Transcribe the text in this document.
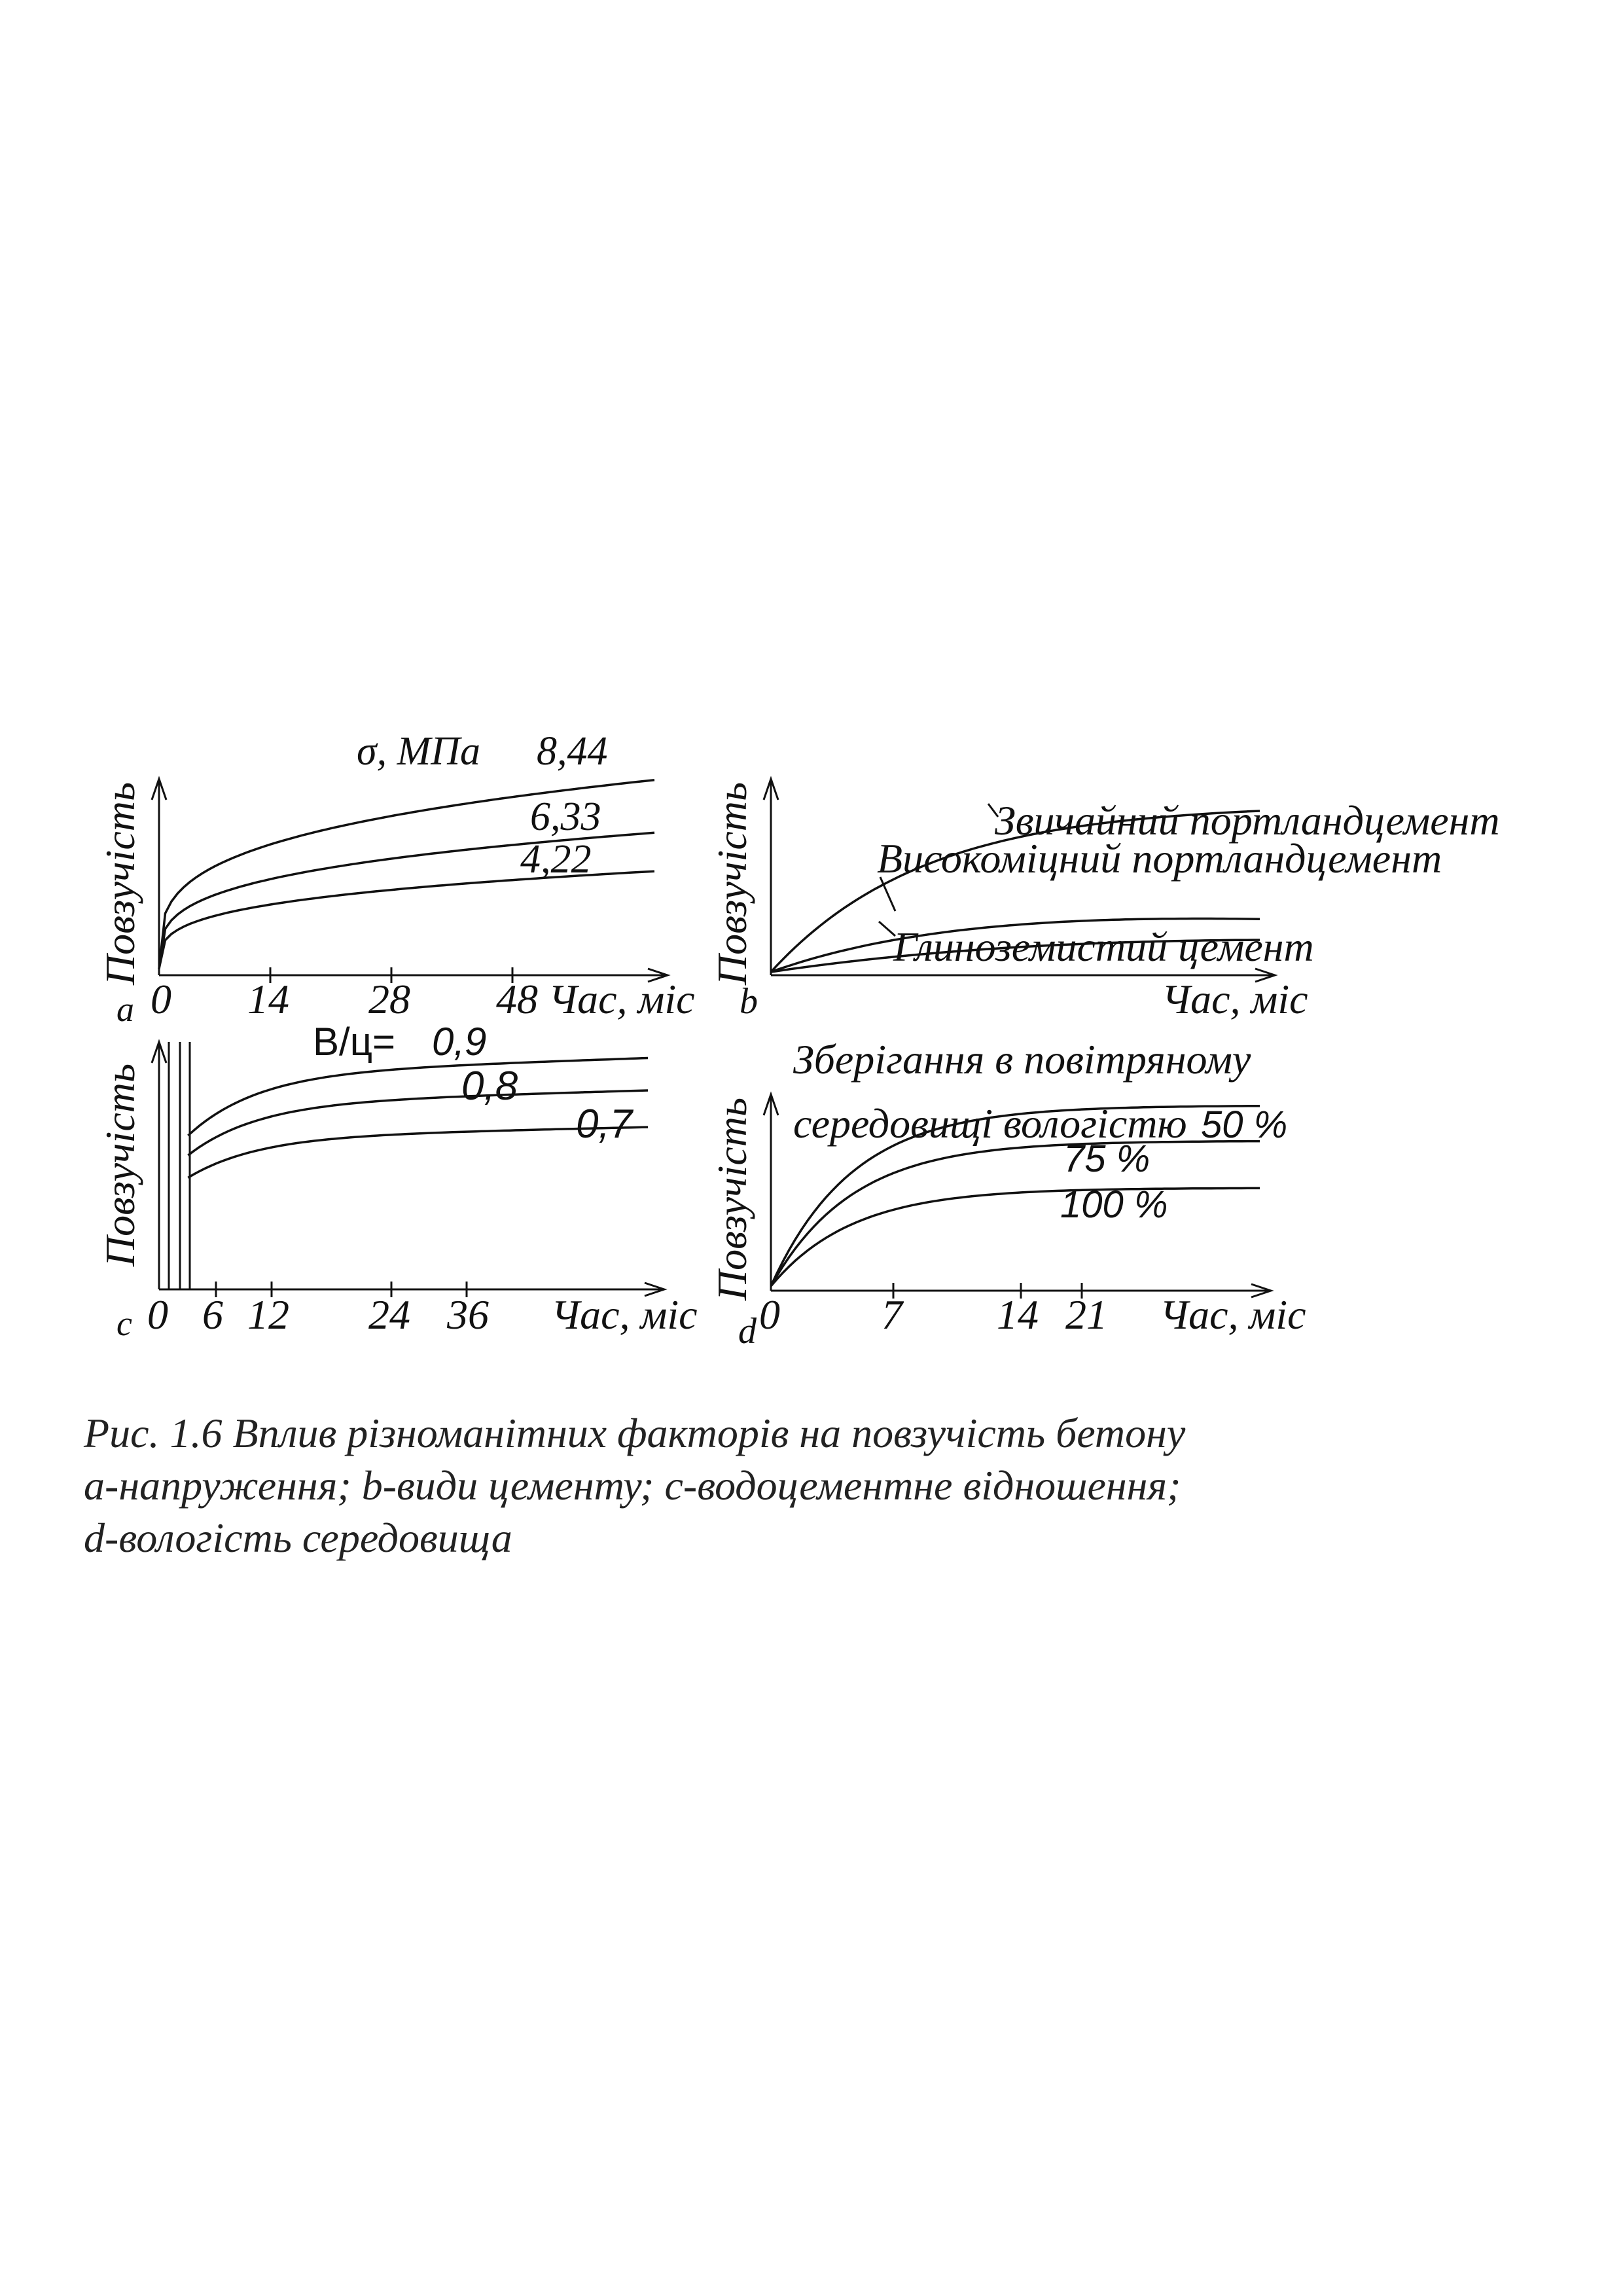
Повзучість
a 0 14 28 48 Час, міс
σ, МПа 8,44
6,33
4,22	Повзучість
b	Час, міс
Звичайний портландцемент
Високоміцний портландцемент
Глиноземистий цемент
Повзучість
c 0 6 12 24 36 Час, міс
В/ц= 0,9
0,8
0,7 Повзучість
d 0 7 14 21 Час, міс
Зберігання в повітряному
середовищі вологістю 50 %
75 %
100 %
Рис. 1.6 Вплив різноманітних факторів на повзучість бетону
a-напруження; b-види цементу; c-водоцементне відношення;
d-вологість середовища
